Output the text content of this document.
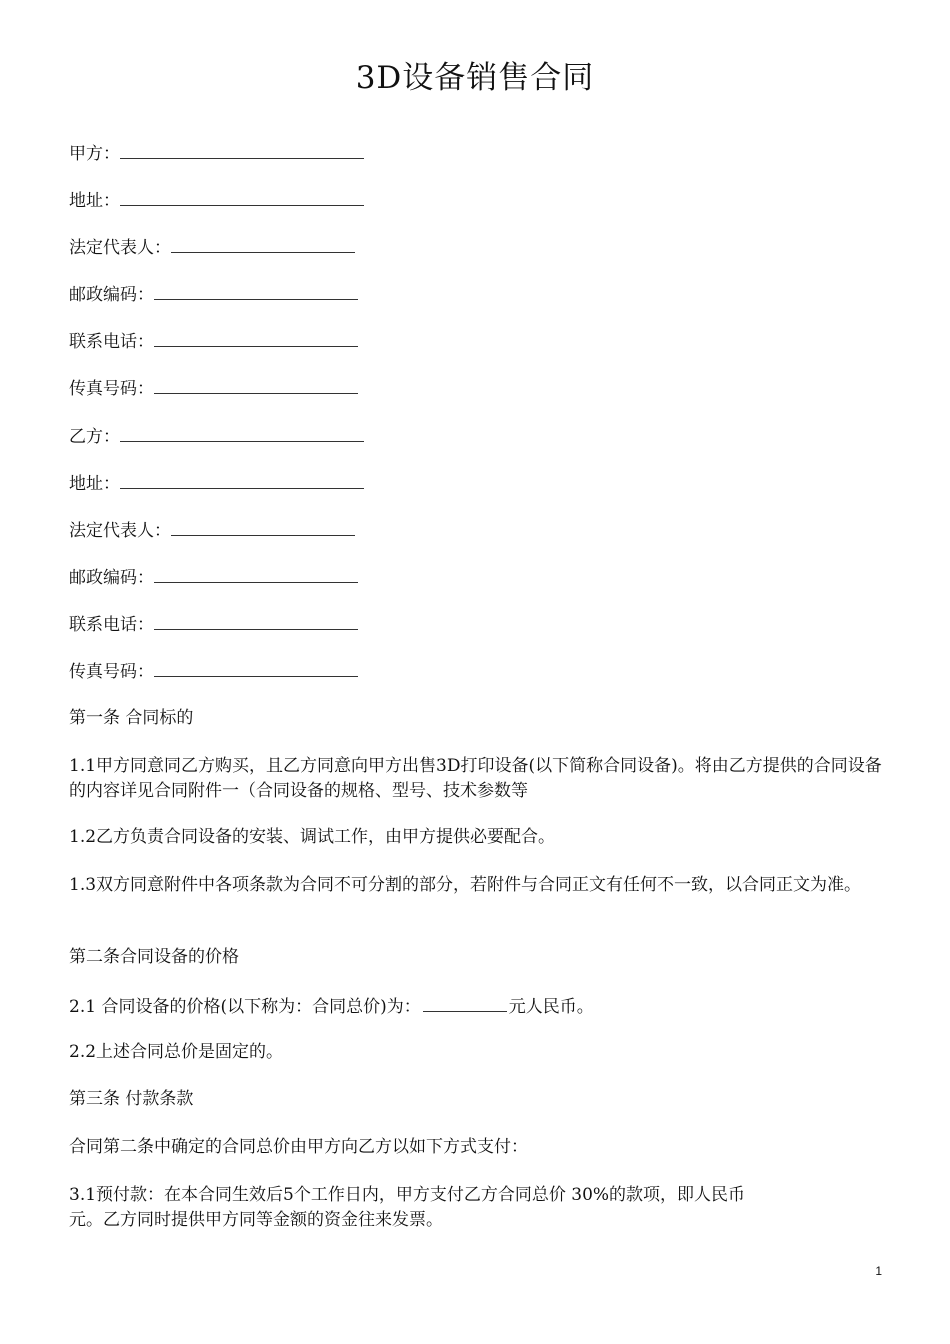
3D设备销售合同
甲方：
地址：
法定代表人：
邮政编码：
联系电话：
传真号码：
乙方：
地址：
法定代表人：
邮政编码：
联系电话：
传真号码：

第一条 合同标的

1.1甲方同意同乙方购买，且乙方同意向甲方出售3D打印设备(以下简称合同设备)。将由乙方提供的合同设备的内容详见合同附件一（合同设备的规格、型号、技术参数等

1.2乙方负责合同设备的安装、调试工作，由甲方提供必要配合。

1.3双方同意附件中各项条款为合同不可分割的部分，若附件与合同正文有任何不一致，以合同正文为准。

第二条合同设备的价格

2.1 合同设备的价格(以下称为：合同总价)为：	元人民币。

2.2上述合同总价是固定的。

第三条 付款条款

合同第二条中确定的合同总价由甲方向乙方以如下方式支付：

3.1预付款：在本合同生效后5个工作日内，甲方支付乙方合同总价 30%的款项，即人民币

元。乙方同时提供甲方同等金额的资金往来发票。

1
